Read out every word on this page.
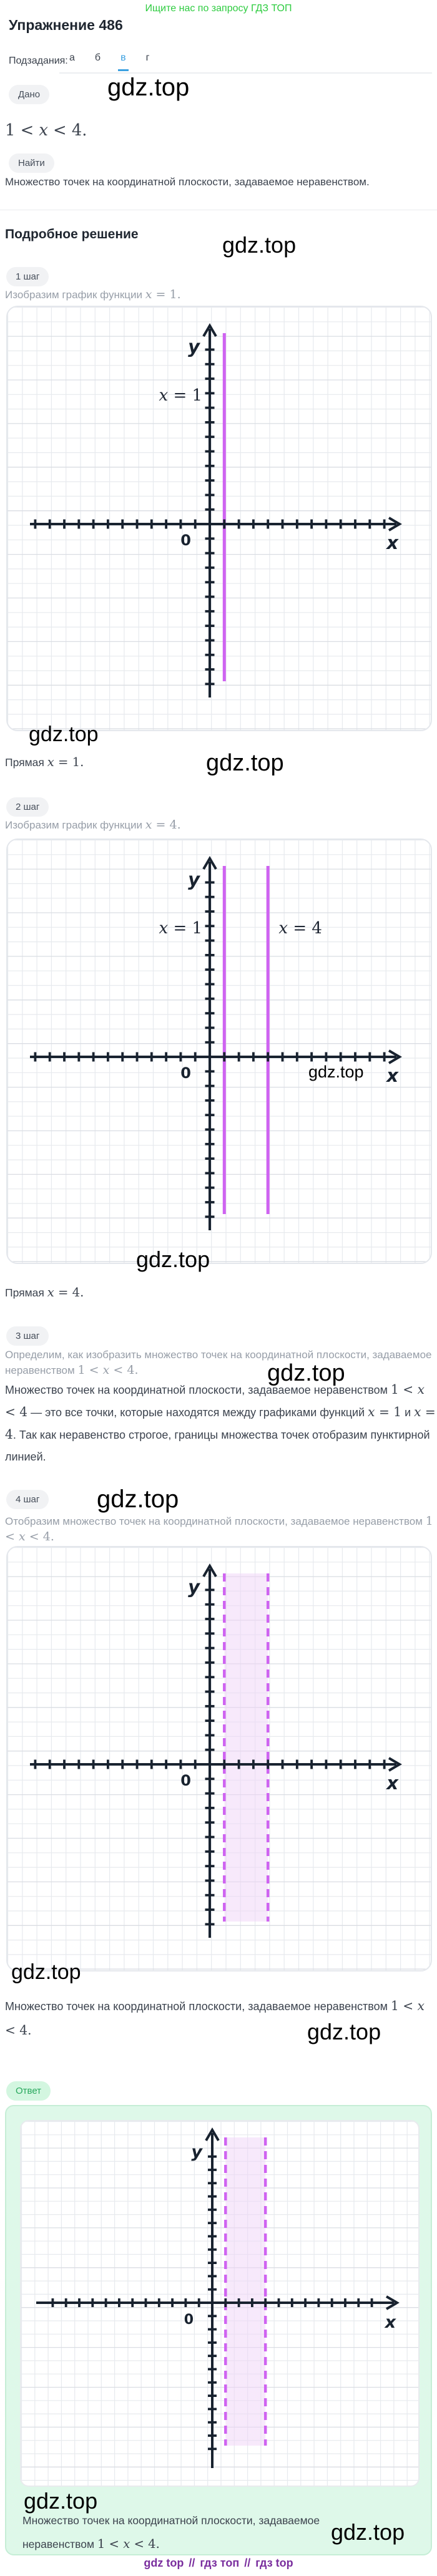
Ищите нас по запросу ГДЗ ТОП
Упражнение 486
Подзадания: а б в г
Дано	gdz.top
1 < x < 4.
Найти
Множество точек на координатной плоскости, задаваемое неравенством.
Подробное решение	gdz.top
1 шаг
Изобразим график функции x = 1.
x = 1
y
x
0
gdz.top
Прямая x = 1.	gdz.top
2 шаг
Изобразим график функции x = 4.
x = 1	x = 4
y
x
0	gdz.top
gdz.top
Прямая x = 4.
3 шаг
Определим, как изобразить множество точек на координатной плоскости, задаваемое неравенством 1 < x < 4.	gdz.top
Множество точек на координатной плоскости, задаваемое неравенством 1 < x < 4 — это все точки, которые находятся между графиками функций x = 1 и x = 4. Так как неравенство строгое, границы множества точек отобразим пунктирной линией.
4 шаг	gdz.top
Отобразим множество точек на координатной плоскости, задаваемое неравенством 1 < x < 4.
y
x
0
gdz.top
Множество точек на координатной плоскости, задаваемое неравенством 1 < x < 4.	gdz.top
Ответ
y
x
0
gdz.top
Множество точек на координатной плоскости, задаваемое неравенством 1 < x < 4.	gdz.top
gdz top // гдз топ // гдз top
